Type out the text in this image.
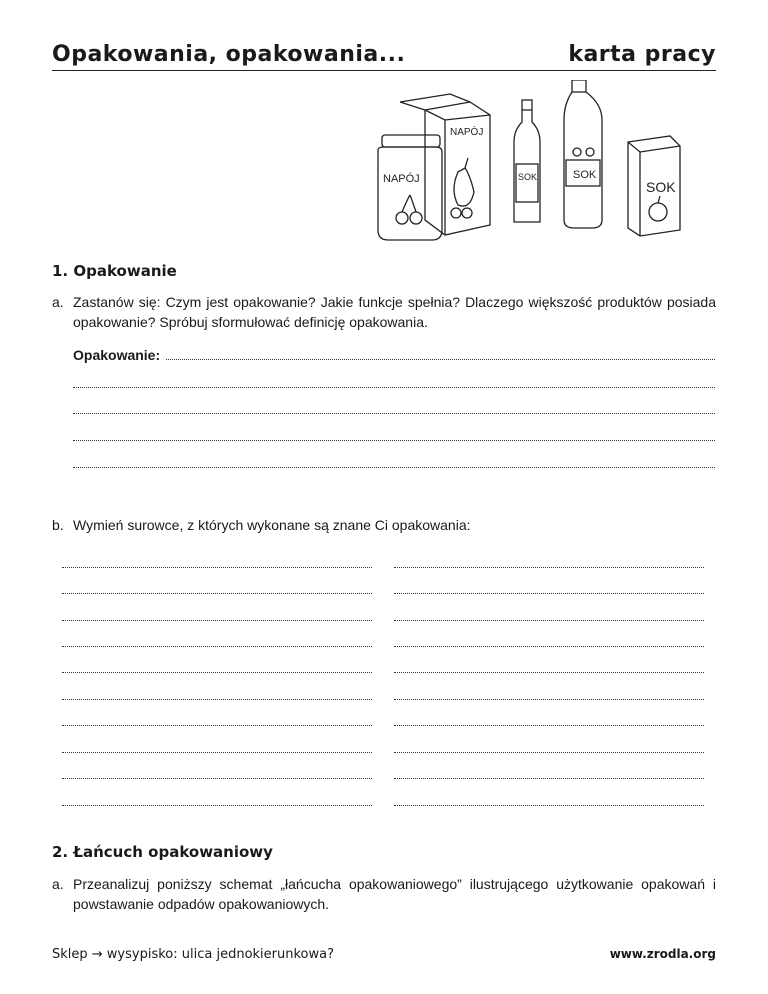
Opakowania, opakowania...	karta pracy
NAPÓJ
NAPÓJ	SOK	SOK
SOK
1. Opakowanie
a. Zastanów się: Czym jest opakowanie? Jakie funkcje spełnia? Dlaczego większość produktów posiada opakowanie? Spróbuj sformułować definicję opakowania.
Opakowanie:
b. Wymień surowce, z których wykonane są znane Ci opakowania:
2. Łańcuch opakowaniowy
a. Przeanalizuj poniższy schemat „łańcucha opakowaniowego” ilustrującego użytkowanie opakowań i powstawanie odpadów opakowaniowych.
Sklep → wysypisko: ulica jednokierunkowa?	www.zrodla.org
